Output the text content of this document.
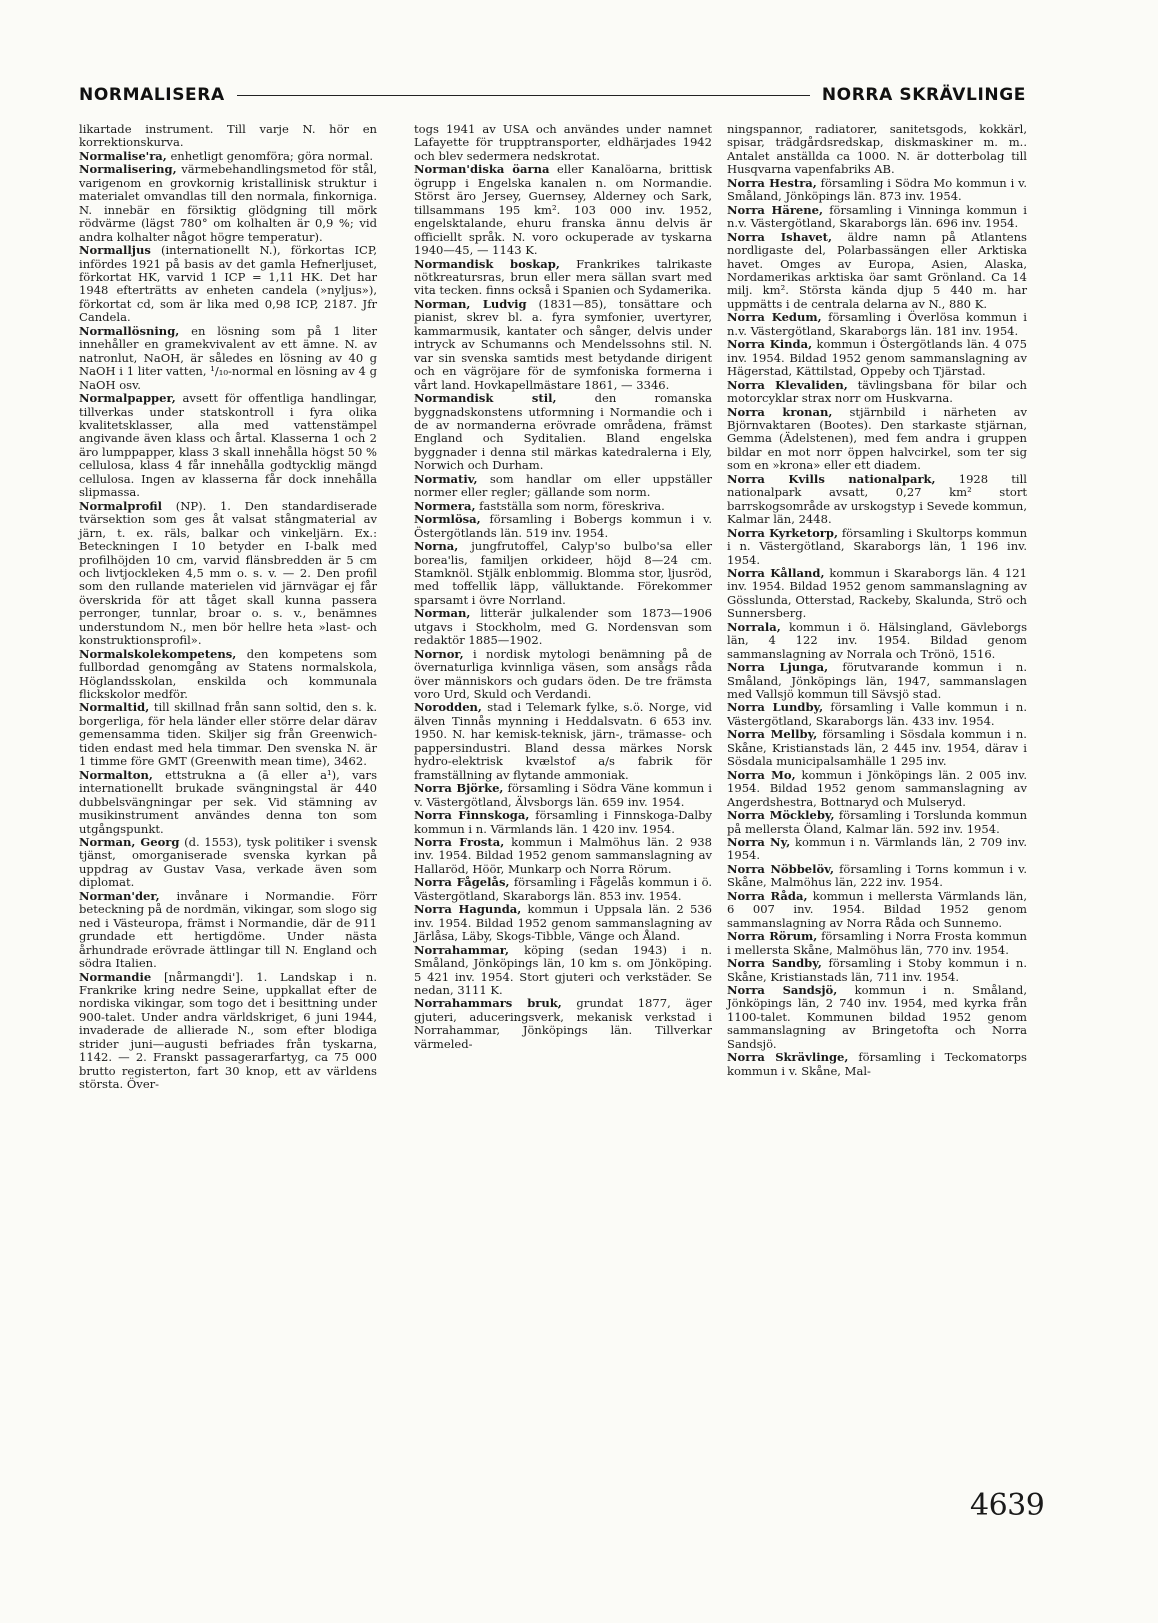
NORMALISERA	NORRA SKRÄVLINGE

likartade instrument. Till varje N. hör en korrektionskurva.

Normalise'ra, enhetligt genomföra; göra normal.

Normalisering, värmebehandlingsmetod för stål, varigenom en grovkornig kristallinisk struktur i materialet omvandlas till den normala, finkorniga. N. innebär en försiktig glödgning till mörk rödvärme (lägst 780° om kolhalten är 0,9 %; vid andra kolhalter något högre temperatur).

Normalljus (internationellt N.), förkortas ICP, infördes 1921 på basis av det gamla Hefnerljuset, förkortat HK, varvid 1 ICP = 1,11 HK. Det har 1948 efterträtts av enheten candela (»nyljus»), förkortat cd, som är lika med 0,98 ICP, 2187. Jfr Candela.

Normallösning, en lösning som på 1 liter innehåller en gramekvivalent av ett ämne. N. av natronlut, NaOH, är således en lösning av 40 g NaOH i 1 liter vatten, ¹/₁₀-normal en lösning av 4 g NaOH osv.

Normalpapper, avsett för offentliga handlingar, tillverkas under statskontroll i fyra olika kvalitetsklasser, alla med vattenstämpel angivande även klass och årtal. Klasserna 1 och 2 äro lumppapper, klass 3 skall innehålla högst 50 % cellulosa, klass 4 får innehålla godtycklig mängd cellulosa. Ingen av klasserna får dock innehålla slipmassa.

Normalprofil (NP). 1. Den standardiserade tvärsektion som ges åt valsat stångmaterial av järn, t. ex. räls, balkar och vinkeljärn. Ex.: Beteckningen I 10 betyder en I-balk med profilhöjden 10 cm, varvid flänsbredden är 5 cm och livtjockleken 4,5 mm o. s. v. — 2. Den profil som den rullande materielen vid järnvägar ej får överskrida för att tåget skall kunna passera perronger, tunnlar, broar o. s. v., benämnes understundom N., men bör hellre heta »last- och konstruktionsprofil».

Normalskolekompetens, den kompetens som fullbordad genomgång av Statens normalskola, Höglandsskolan, enskilda och kommunala flickskolor medför.

Normaltid, till skillnad från sann soltid, den s. k. borgerliga, för hela länder eller större delar därav gemensamma tiden. Skiljer sig från Greenwich-tiden endast med hela timmar. Den svenska N. är 1 timme före GMT (Greenwith mean time), 3462.

Normalton, ettstrukna a (ā eller a¹), vars internationellt brukade svängningstal är 440 dubbelsvängningar per sek. Vid stämning av musikinstrument användes denna ton som utgångspunkt.

Norman, Georg (d. 1553), tysk politiker i svensk tjänst, omorganiserade svenska kyrkan på uppdrag av Gustav Vasa, verkade även som diplomat.

Norman'der, invånare i Normandie. Förr beteckning på de nordmän, vikingar, som slogo sig ned i Västeuropa, främst i Normandie, där de 911 grundade ett hertigdöme. Under nästa århundrade erövrade ättlingar till N. England och södra Italien.

Normandie [nårmangdi']. 1. Landskap i n. Frankrike kring nedre Seine, uppkallat efter de nordiska vikingar, som togo det i besittning under 900-talet. Under andra världskriget, 6 juni 1944, invaderade de allierade N., som efter blodiga strider juni—augusti befriades från tyskarna, 1142. — 2. Franskt passagerarfartyg, ca 75 000 brutto registerton, fart 30 knop, ett av världens största. Över-

togs 1941 av USA och användes under namnet Lafayette för trupptransporter, eldhärjades 1942 och blev sedermera nedskrotat.

Norman'diska öarna eller Kanalöarna, brittisk ögrupp i Engelska kanalen n. om Normandie. Störst äro Jersey, Guernsey, Alderney och Sark, tillsammans 195 km². 103 000 inv. 1952, engelsktalande, ehuru franska ännu delvis är officiellt språk. N. voro ockuperade av tyskarna 1940—45, — 1143 K.

Normandisk boskap, Frankrikes talrikaste nötkreatursras, brun eller mera sällan svart med vita tecken. finns också i Spanien och Sydamerika.

Norman, Ludvig (1831—85), tonsättare och pianist, skrev bl. a. fyra symfonier, uvertyrer, kammarmusik, kantater och sånger, delvis under intryck av Schumanns och Mendelssohns stil. N. var sin svenska samtids mest betydande dirigent och en vägröjare för de symfoniska formerna i vårt land. Hovkapellmästare 1861, — 3346.

Normandisk stil, den romanska byggnadskonstens utformning i Normandie och i de av normanderna erövrade områdena, främst England och Syditalien. Bland engelska byggnader i denna stil märkas katedralerna i Ely, Norwich och Durham.

Normativ, som handlar om eller uppställer normer eller regler; gällande som norm.

Normera, fastställa som norm, föreskriva.

Normlösa, församling i Bobergs kommun i v. Östergötlands län. 519 inv. 1954.

Norna, jungfrutoffel, Calyp'so bulbo'sa eller borea'lis, familjen orkideer, höjd 8—24 cm. Stamknöl. Stjälk enblommig. Blomma stor, ljusröd, med toffellik läpp, välluktande. Förekommer sparsamt i övre Norrland.

Norman, litterär julkalender som 1873—1906 utgavs i Stockholm, med G. Nordensvan som redaktör 1885—1902.

Nornor, i nordisk mytologi benämning på de övernaturliga kvinnliga väsen, som ansågs råda över människors och gudars öden. De tre främsta voro Urd, Skuld och Verdandi.

Norodden, stad i Telemark fylke, s.ö. Norge, vid älven Tinnås mynning i Heddalsvatn. 6 653 inv. 1950. N. har kemisk-teknisk, järn-, trämasse- och pappersindustri. Bland dessa märkes Norsk hydro-elektrisk kvælstof a/s fabrik för framställning av flytande ammoniak.

Norra Björke, församling i Södra Väne kommun i v. Västergötland, Älvsborgs län. 659 inv. 1954.

Norra Finnskoga, församling i Finnskoga-Dalby kommun i n. Värmlands län. 1 420 inv. 1954.

Norra Frosta, kommun i Malmöhus län. 2 938 inv. 1954. Bildad 1952 genom sammanslagning av Hallaröd, Höör, Munkarp och Norra Rörum.

Norra Fågelås, församling i Fågelås kommun i ö. Västergötland, Skaraborgs län. 853 inv. 1954.

Norra Hagunda, kommun i Uppsala län. 2 536 inv. 1954. Bildad 1952 genom sammanslagning av Järlåsa, Läby, Skogs-Tibble, Vänge och Åland.

Norrahammar, köping (sedan 1943) i n. Småland, Jönköpings län, 10 km s. om Jönköping. 5 421 inv. 1954. Stort gjuteri och verkstäder. Se nedan, 3111 K.

Norrahammars bruk, grundat 1877, äger gjuteri, aduceringsverk, mekanisk verkstad i Norrahammar, Jönköpings län. Tillverkar värmeled-

ningspannor, radiatorer, sanitetsgods, kokkärl, spisar, trädgårdsredskap, diskmaskiner m. m.. Antalet anställda ca 1000. N. är dotterbolag till Husqvarna vapenfabriks AB.

Norra Hestra, församling i Södra Mo kommun i v. Småland, Jönköpings län. 873 inv. 1954.

Norra Härene, församling i Vinninga kommun i n.v. Västergötland, Skaraborgs län. 696 inv. 1954.

Norra Ishavet, äldre namn på Atlantens nordligaste del, Polarbassängen eller Arktiska havet. Omges av Europa, Asien, Alaska, Nordamerikas arktiska öar samt Grönland. Ca 14 milj. km². Största kända djup 5 440 m. har uppmätts i de centrala delarna av N., 880 K.

Norra Kedum, församling i Överlösa kommun i n.v. Västergötland, Skaraborgs län. 181 inv. 1954.

Norra Kinda, kommun i Östergötlands län. 4 075 inv. 1954. Bildad 1952 genom sammanslagning av Hägerstad, Kättilstad, Oppeby och Tjärstad.

Norra Klevaliden, tävlingsbana för bilar och motorcyklar strax norr om Huskvarna.

Norra kronan, stjärnbild i närheten av Björnvaktaren (Bootes). Den starkaste stjärnan, Gemma (Ädelstenen), med fem andra i gruppen bildar en mot norr öppen halvcirkel, som ter sig som en »krona» eller ett diadem.

Norra Kvills nationalpark, 1928 till nationalpark avsatt, 0,27 km² stort barrskogsområde av urskogstyp i Sevede kommun, Kalmar län, 2448.

Norra Kyrketorp, församling i Skultorps kommun i n. Västergötland, Skaraborgs län, 1 196 inv. 1954.

Norra Kålland, kommun i Skaraborgs län. 4 121 inv. 1954. Bildad 1952 genom sammanslagning av Gösslunda, Otterstad, Rackeby, Skalunda, Strö och Sunnersberg.

Norrala, kommun i ö. Hälsingland, Gävleborgs län, 4 122 inv. 1954. Bildad genom sammanslagning av Norrala och Trönö, 1516.

Norra Ljunga, förutvarande kommun i n. Småland, Jönköpings län, 1947, sammanslagen med Vallsjö kommun till Sävsjö stad.

Norra Lundby, församling i Valle kommun i n. Västergötland, Skaraborgs län. 433 inv. 1954.

Norra Mellby, församling i Sösdala kommun i n. Skåne, Kristianstads län, 2 445 inv. 1954, därav i Sösdala municipalsamhälle 1 295 inv.

Norra Mo, kommun i Jönköpings län. 2 005 inv. 1954. Bildad 1952 genom sammanslagning av Angerdshestra, Bottnaryd och Mulseryd.

Norra Möckleby, församling i Torslunda kommun på mellersta Öland, Kalmar län. 592 inv. 1954.

Norra Ny, kommun i n. Värmlands län, 2 709 inv. 1954.

Norra Nöbbelöv, församling i Torns kommun i v. Skåne, Malmöhus län, 222 inv. 1954.

Norra Råda, kommun i mellersta Värmlands län, 6 007 inv. 1954. Bildad 1952 genom sammanslagning av Norra Råda och Sunnemo.

Norra Rörum, församling i Norra Frosta kommun i mellersta Skåne, Malmöhus län, 770 inv. 1954.

Norra Sandby, församling i Stoby kommun i n. Skåne, Kristianstads län, 711 inv. 1954.

Norra Sandsjö, kommun i n. Småland, Jönköpings län, 2 740 inv. 1954, med kyrka från 1100-talet. Kommunen bildad 1952 genom sammanslagning av Bringetofta och Norra Sandsjö.

Norra Skrävlinge, församling i Teckomatorps kommun i v. Skåne, Mal-

4639
